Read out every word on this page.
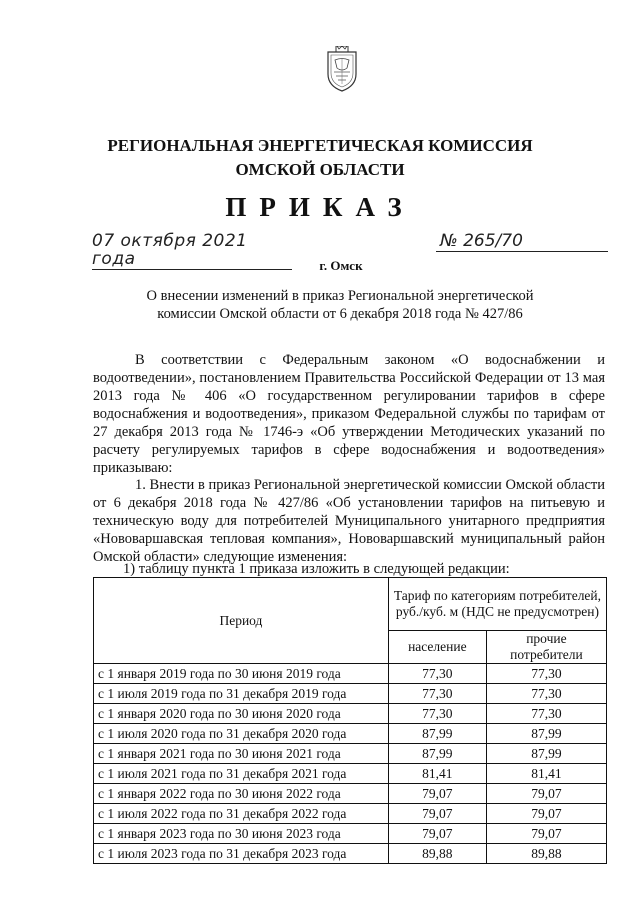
РЕГИОНАЛЬНАЯ ЭНЕРГЕТИЧЕСКАЯ КОМИССИЯ
ОМСКОЙ ОБЛАСТИ
ПРИКАЗ
07 октября 2021 года
№ 265/70
г. Омск
О внесении изменений в приказ Региональной энергетической
комиссии Омской области от 6 декабря 2018 года № 427/86

В соответствии с Федеральным законом «О водоснабжении и водоотведении», постановлением Правительства Российской Федерации от 13 мая 2013 года № 406 «О государственном регулировании тарифов в сфере водоснабжения и водоотведения», приказом Федеральной службы по тарифам от 27 декабря 2013 года № 1746-э «Об утверждении Методических указаний по расчету регулируемых тарифов в сфере водоснабжения и водоотведения» приказываю:

1. Внести в приказ Региональной энергетической комиссии Омской области от 6 декабря 2018 года № 427/86 «Об установлении тарифов на питьевую и техническую воду для потребителей Муниципального унитарного предприятия «Нововаршавская тепловая компания», Нововаршавский муниципальный район Омской области» следующие изменения:

1) таблицу пункта 1 приказа изложить в следующей редакции:

Период	Тариф по категориям потребителей, руб./куб. м (НДС не предусмотрен)	
	население	прочие потребители
с 1 января 2019 года по 30 июня 2019 года	77,30	77,30
с 1 июля 2019 года по 31 декабря 2019 года	77,30	77,30
с 1 января 2020 года по 30 июня 2020 года	77,30	77,30
с 1 июля 2020 года по 31 декабря 2020 года	87,99	87,99
с 1 января 2021 года по 30 июня 2021 года	87,99	87,99
с 1 июля 2021 года по 31 декабря 2021 года	81,41	81,41
с 1 января 2022 года по 30 июня 2022 года	79,07	79,07
с 1 июля 2022 года по 31 декабря 2022 года	79,07	79,07
с 1 января 2023 года по 30 июня 2023 года	79,07	79,07
с 1 июля 2023 года по 31 декабря 2023 года	89,88	89,88
